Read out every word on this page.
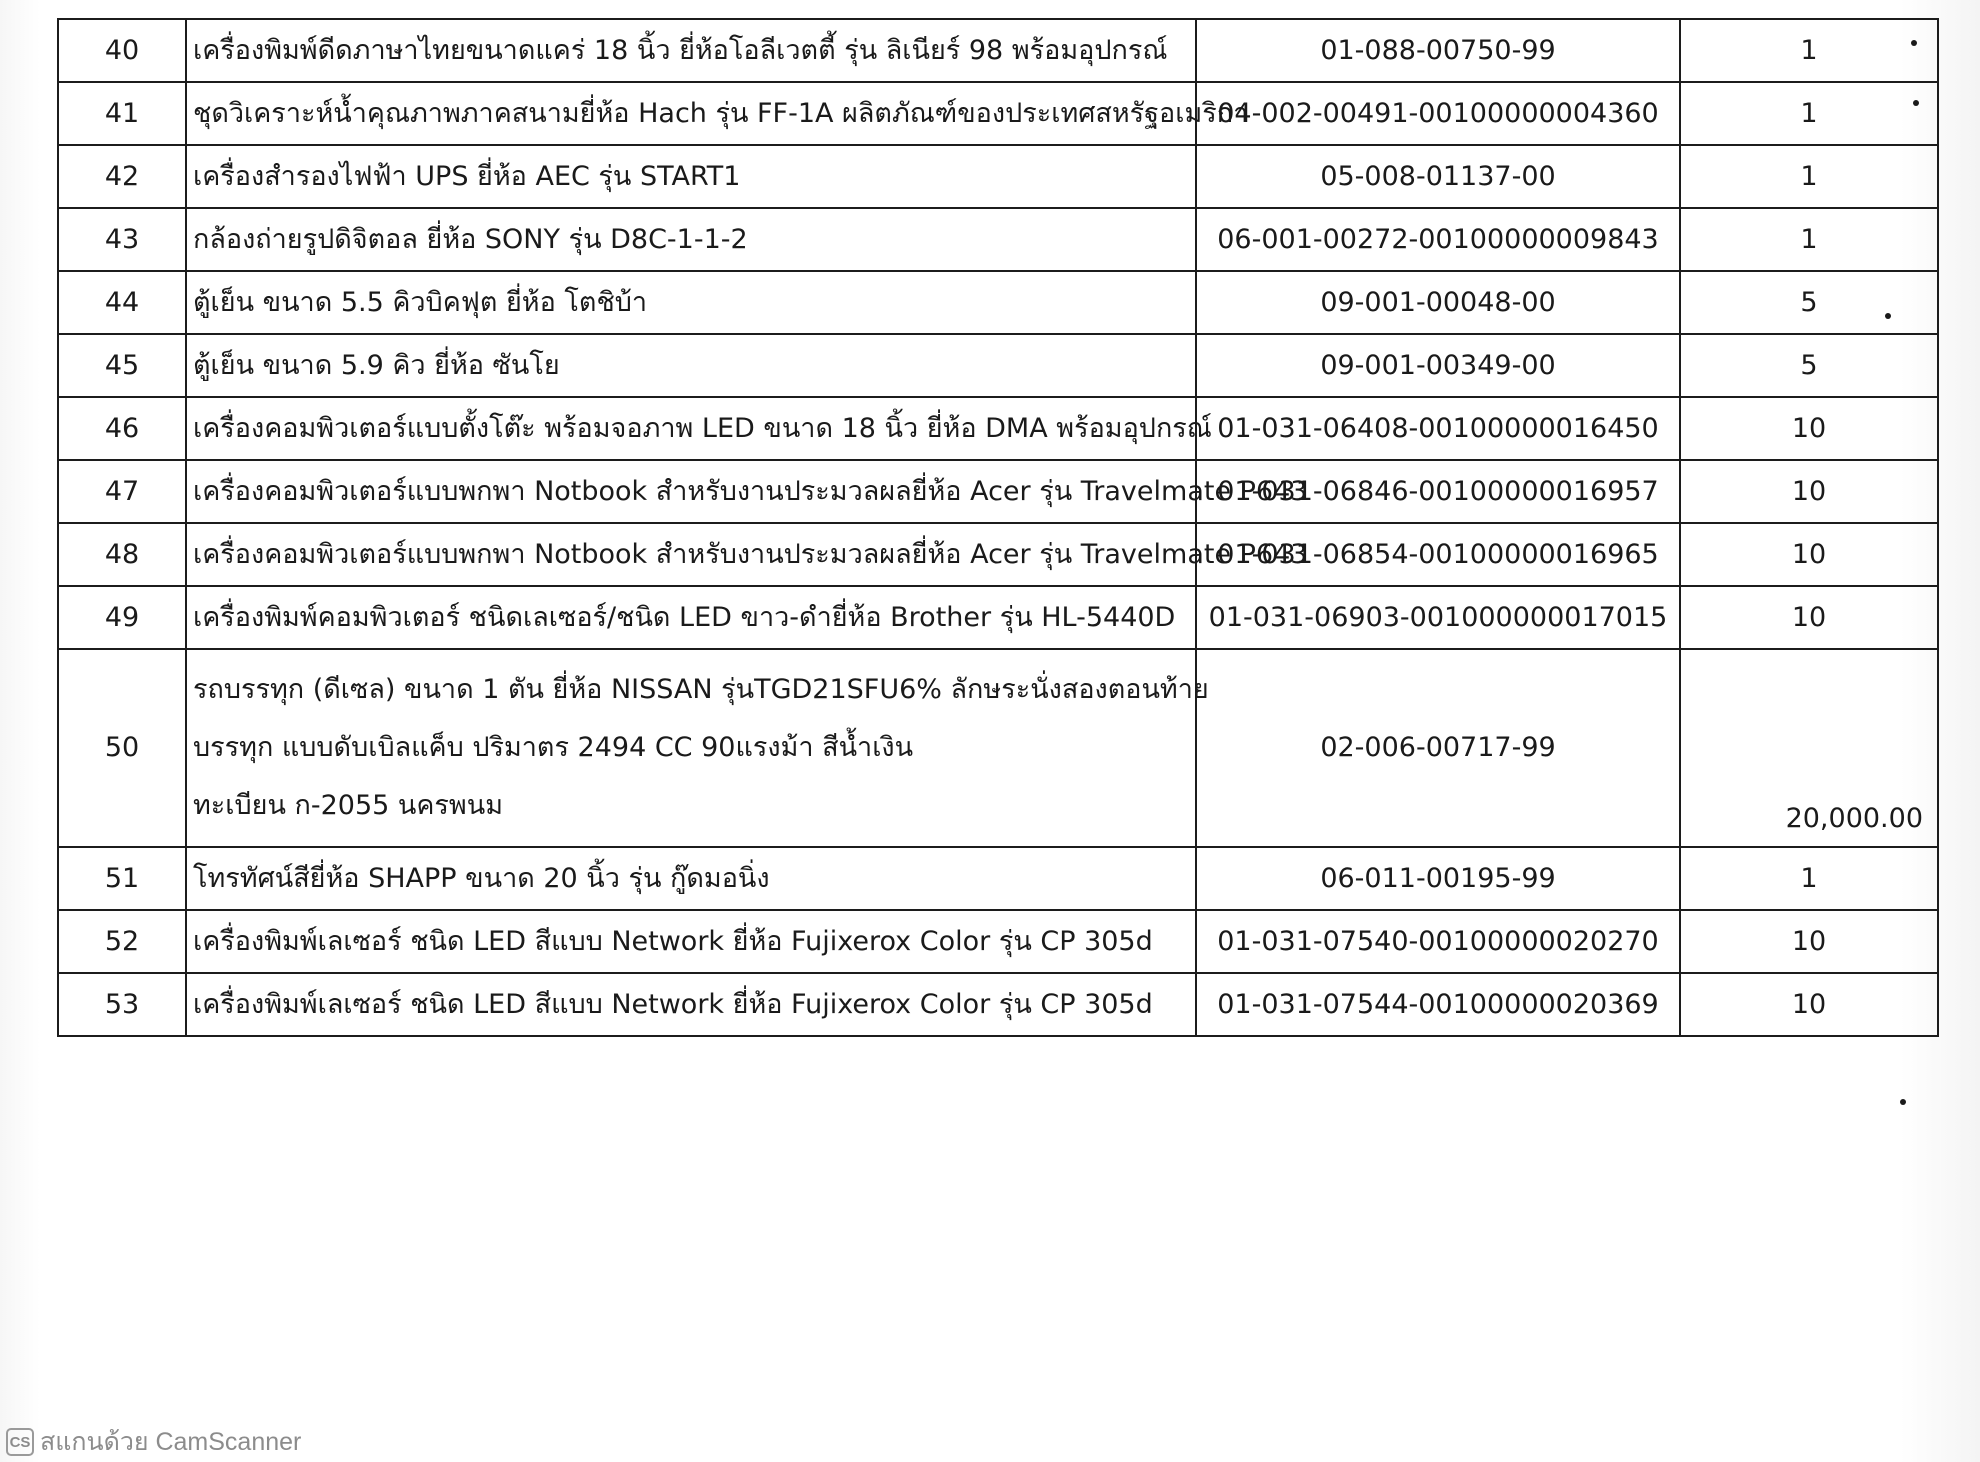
40	เครื่องพิมพ์ดีดภาษาไทยขนาดแคร่ 18 นิ้ว ยี่ห้อโอลีเวตตี้ รุ่น ลิเนียร์ 98 พร้อมอุปกรณ์	01-088-00750-99	1
41	ชุดวิเคราะห์น้ำคุณภาพภาคสนามยี่ห้อ Hach รุ่น FF-1A ผลิตภัณฑ์ของประเทศสหรัฐอเมริกา	04-002-00491-00100000004360	1
42	เครื่องสำรองไฟฟ้า UPS ยี่ห้อ AEC รุ่น START1	05-008-01137-00	1
43	กล้องถ่ายรูปดิจิตอล ยี่ห้อ SONY รุ่น D8C-1-1-2	06-001-00272-00100000009843	1
44	ตู้เย็น ขนาด 5.5 คิวบิคฟุต ยี่ห้อ โตชิบ้า	09-001-00048-00	5
45	ตู้เย็น ขนาด 5.9 คิว ยี่ห้อ ซันโย	09-001-00349-00	5
46	เครื่องคอมพิวเตอร์แบบตั้งโต๊ะ พร้อมจอภาพ LED ขนาด 18 นิ้ว ยี่ห้อ DMA พร้อมอุปกรณ์	01-031-06408-00100000016450	10
47	เครื่องคอมพิวเตอร์แบบพกพา Notbook สำหรับงานประมวลผลยี่ห้อ Acer รุ่น Travelmate P643	01-031-06846-00100000016957	10
48	เครื่องคอมพิวเตอร์แบบพกพา Notbook สำหรับงานประมวลผลยี่ห้อ Acer รุ่น Travelmate P643	01-031-06854-00100000016965	10
49	เครื่องพิมพ์คอมพิวเตอร์ ชนิดเลเซอร์/ชนิด LED ขาว-ดำยี่ห้อ Brother รุ่น HL-5440D	01-031-06903-001000000017015	10
50	รถบรรทุก (ดีเซล) ขนาด 1 ตัน ยี่ห้อ NISSAN รุ่นTGD21SFU6% ลักษระนั่งสองตอนท้าย
บรรทุก แบบดับเบิลแค็บ ปริมาตร 2494 CC 90แรงม้า สีน้ำเงิน
ทะเบียน ก-2055 นครพนม	02-006-00717-99	20,000.00
51	โทรทัศน์สียี่ห้อ SHAPP ขนาด 20 นิ้ว รุ่น กู๊ดมอนิ่ง	06-011-00195-99	1
52	เครื่องพิมพ์เลเซอร์ ชนิด LED สีแบบ Network ยี่ห้อ Fujixerox Color รุ่น CP 305d	01-031-07540-00100000020270	10
53	เครื่องพิมพ์เลเซอร์ ชนิด LED สีแบบ Network ยี่ห้อ Fujixerox Color รุ่น CP 305d	01-031-07544-00100000020369	10
CS สแกนด้วย CamScanner
